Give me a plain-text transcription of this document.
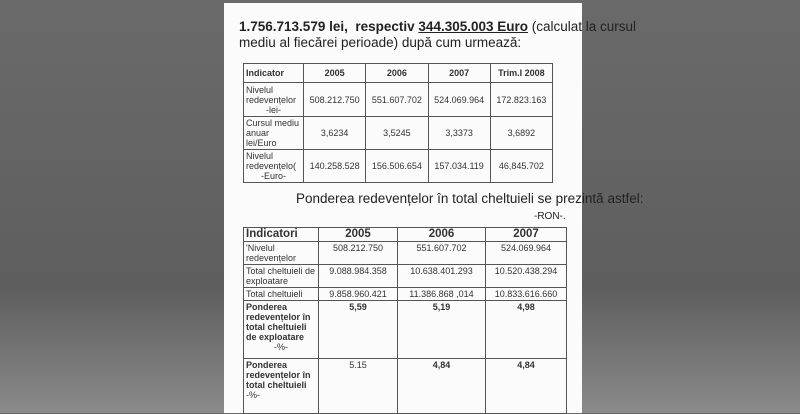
1.756.713.579 lei, respectiv 344.305.003 Euro (calculat la cursul
mediu al fiecărei perioade) după cum urmează:
Indicator	2005	2006	2007	Trim.I 2008
Nivelul redevențelor
-lei-	508.212.750	551.607.702	524.069.964	172.823.163
Cursul mediu anuar lei/Euro	3,6234	3,5245	3,3373	3,6892
Nivelul redevențelo(
-Euro-	140.258.528	156.506.654	157.034.119	46,845.702
Ponderea redevențelor în total cheltuieli se prezintă astfel:
-RON-.
Indicatori	2005	2006	2007
'Nivelul redevențelor	508.212.750	551.607.702	524.069.964
Total cheltuieli de exploatare	9.088.984.358	10.638.401.293	10.520.438.294
Total cheltuieli	9.858.960.421	11.386.868 ,014	10.833.616.660
Ponderea redevențelor în total cheltuieli de exploatare
-%-	5,59	5,19	4,98
Ponderea redevențelor în total cheltuieli
-%-	5.15	4,84	4,84
